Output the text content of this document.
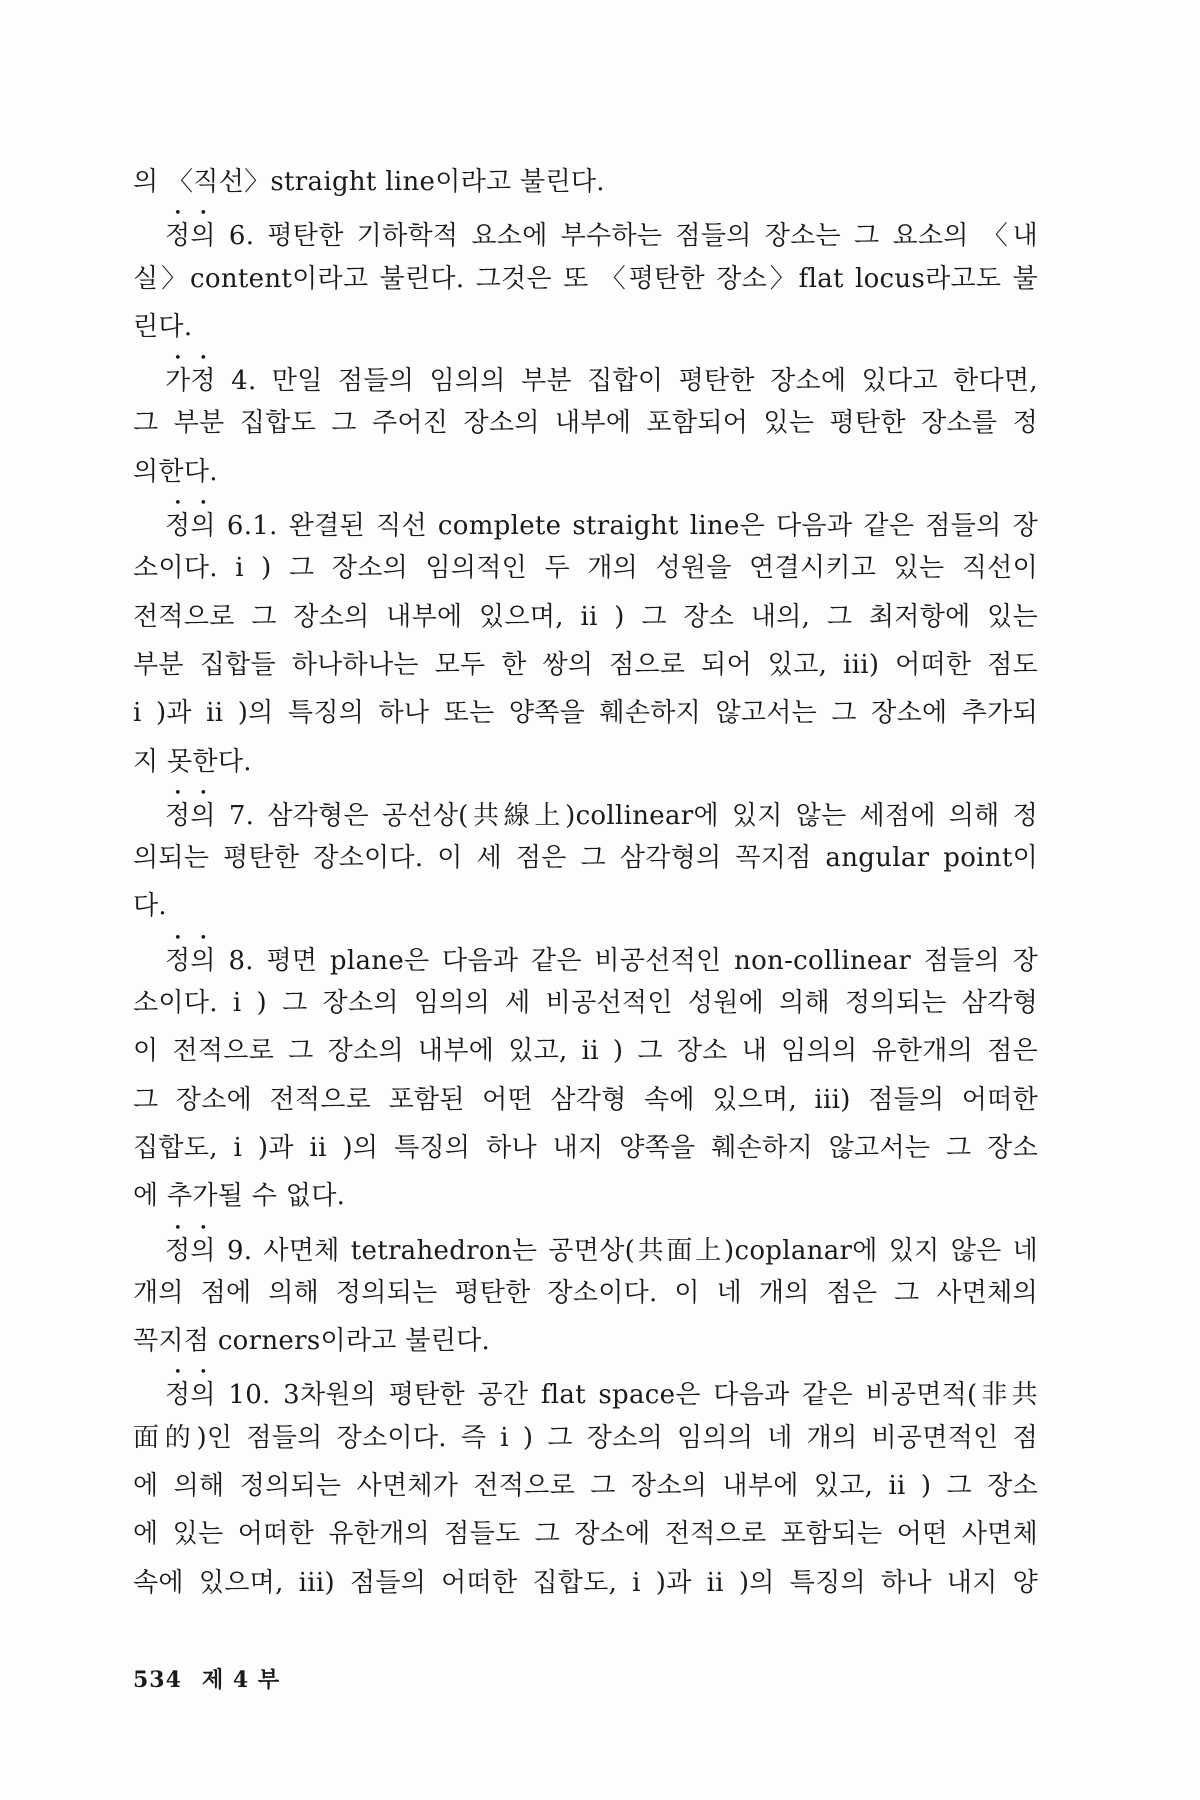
의 〈직선〉straight line이라고 불린다.
정의 6. 평탄한 기하학적 요소에 부수하는 점들의 장소는 그 요소의 〈내
실〉content이라고 불린다. 그것은 또 〈평탄한 장소〉flat locus라고도 불
린다.
가정 4. 만일 점들의 임의의 부분 집합이 평탄한 장소에 있다고 한다면,
그 부분 집합도 그 주어진 장소의 내부에 포함되어 있는 평탄한 장소를 정
의한다.
정의 6.1. 완결된 직선 complete straight line은 다음과 같은 점들의 장
소이다. i ) 그 장소의 임의적인 두 개의 성원을 연결시키고 있는 직선이
전적으로 그 장소의 내부에 있으며, ii ) 그 장소 내의, 그 최저항에 있는
부분 집합들 하나하나는 모두 한 쌍의 점으로 되어 있고, iii) 어떠한 점도
i )과 ii )의 특징의 하나 또는 양쪽을 훼손하지 않고서는 그 장소에 추가되
지 못한다.
정의 7. 삼각형은 공선상(共線上)collinear에 있지 않는 세점에 의해 정
의되는 평탄한 장소이다. 이 세 점은 그 삼각형의 꼭지점 angular point이
다.
정의 8. 평면 plane은 다음과 같은 비공선적인 non-collinear 점들의 장
소이다. i ) 그 장소의 임의의 세 비공선적인 성원에 의해 정의되는 삼각형
이 전적으로 그 장소의 내부에 있고, ii ) 그 장소 내 임의의 유한개의 점은
그 장소에 전적으로 포함된 어떤 삼각형 속에 있으며, iii) 점들의 어떠한
집합도, i )과 ii )의 특징의 하나 내지 양쪽을 훼손하지 않고서는 그 장소
에 추가될 수 없다.
정의 9. 사면체 tetrahedron는 공면상(共面上)coplanar에 있지 않은 네
개의 점에 의해 정의되는 평탄한 장소이다. 이 네 개의 점은 그 사면체의
꼭지점 corners이라고 불린다.
정의 10. 3차원의 평탄한 공간 flat space은 다음과 같은 비공면적(非共
面的)인 점들의 장소이다. 즉 i ) 그 장소의 임의의 네 개의 비공면적인 점
에 의해 정의되는 사면체가 전적으로 그 장소의 내부에 있고, ii ) 그 장소
에 있는 어떠한 유한개의 점들도 그 장소에 전적으로 포함되는 어떤 사면체
속에 있으며, iii) 점들의 어떠한 집합도, i )과 ii )의 특징의 하나 내지 양
534 제 4 부
